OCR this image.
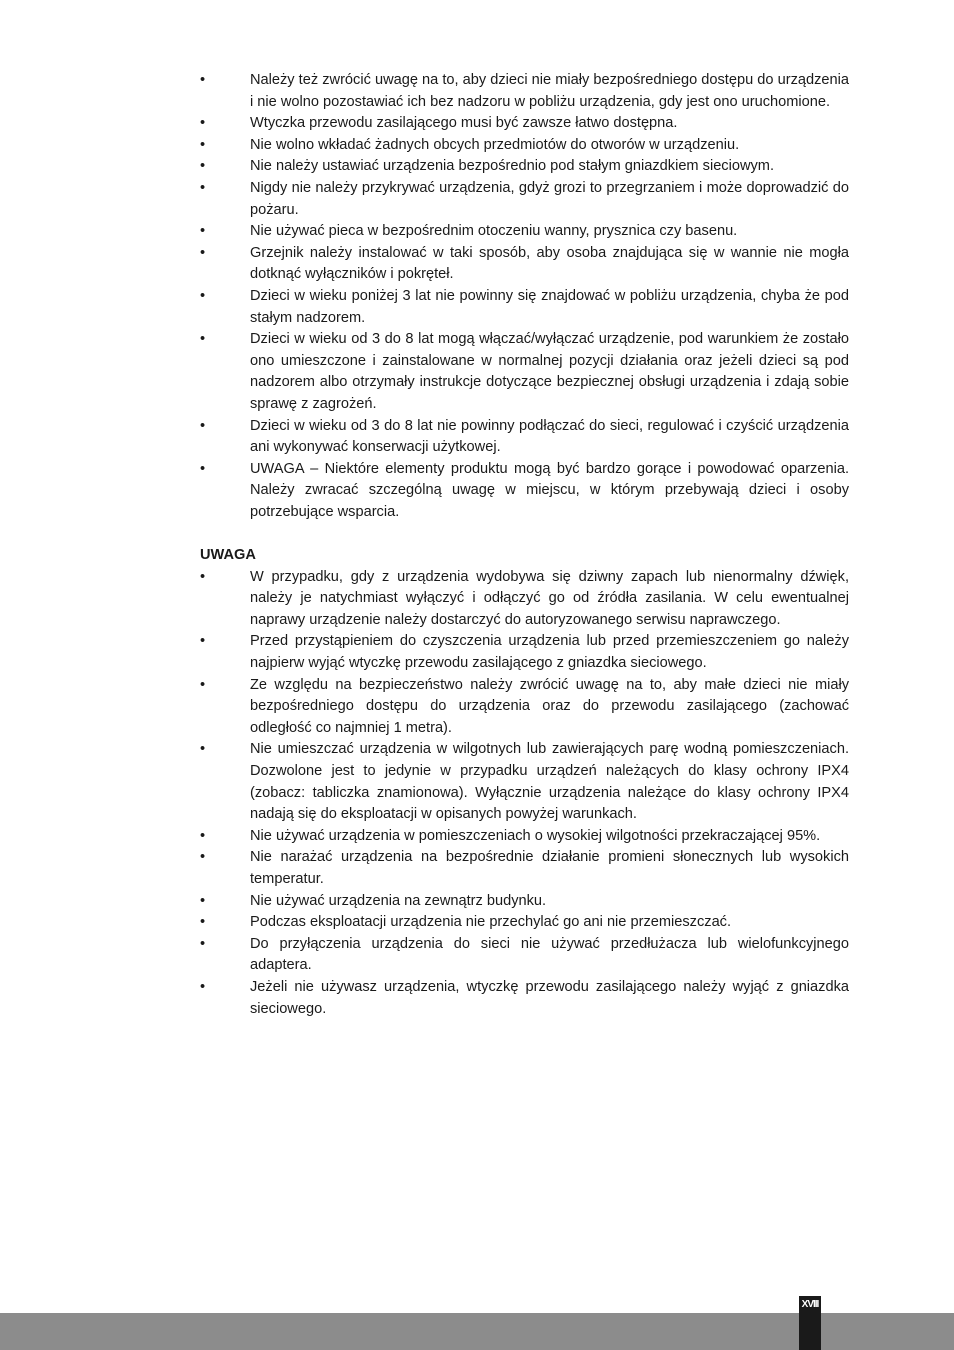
•	Należy też zwrócić uwagę na to, aby dzieci nie miały bezpośredniego dostępu do urządzenia i nie wolno pozostawiać ich bez nadzoru w pobliżu urządzenia, gdy jest ono uruchomione.
•	Wtyczka przewodu zasilającego musi być zawsze łatwo dostępna.
•	Nie wolno wkładać żadnych obcych przedmiotów do otworów w urządzeniu.
•	Nie należy ustawiać urządzenia bezpośrednio pod stałym gniazdkiem sieciowym.
•	Nigdy nie należy przykrywać urządzenia, gdyż grozi to przegrzaniem i może doprowadzić do pożaru.
•	Nie używać pieca w bezpośrednim otoczeniu wanny, prysznica czy basenu.
•	Grzejnik należy instalować w taki sposób, aby osoba znajdująca się w wannie nie mogła dotknąć wyłączników i pokręteł.
•	Dzieci w wieku poniżej 3 lat nie powinny się znajdować w pobliżu urządzenia, chyba że pod stałym nadzorem.
•	Dzieci w wieku od 3 do 8 lat mogą włączać/wyłączać urządzenie, pod warunkiem że zostało ono umieszczone i zainstalowane w normalnej pozycji działania oraz jeżeli dzieci są pod nadzorem albo otrzymały instrukcje dotyczące bezpiecznej obsługi urządzenia i zdają sobie sprawę z zagrożeń.
•	Dzieci w wieku od 3 do 8 lat nie powinny podłączać do sieci, regulować i czyścić urządzenia ani wykonywać konserwacji użytkowej.
•	UWAGA – Niektóre elementy produktu mogą być bardzo gorące i powodować oparzenia. Należy zwracać szczególną uwagę w miejscu, w którym przebywają dzieci i osoby potrzebujące wsparcia.
UWAGA
•	W przypadku, gdy z urządzenia wydobywa się dziwny zapach lub nienormalny dźwięk, należy je natychmiast wyłączyć i odłączyć go od źródła zasilania. W celu ewentualnej naprawy urządzenie należy dostarczyć do autoryzowanego serwisu naprawczego.
•	Przed przystąpieniem do czyszczenia urządzenia lub przed przemieszczeniem go należy najpierw wyjąć wtyczkę przewodu zasilającego z gniazdka sieciowego.
•	Ze względu na bezpieczeństwo należy zwrócić uwagę na to, aby małe dzieci nie miały bezpośredniego dostępu do urządzenia oraz do przewodu zasilającego (zachować odległość co najmniej 1 metra).
•	Nie umieszczać urządzenia w wilgotnych lub zawierających parę wodną pomieszczeniach. Dozwolone jest to jedynie w przypadku urządzeń należących do klasy ochrony IPX4 (zobacz: tabliczka znamionowa). Wyłącznie urządzenia należące do klasy ochrony IPX4 nadają się do eksploatacji w opisanych powyżej warunkach.
•	Nie używać urządzenia w pomieszczeniach o wysokiej wilgotności przekraczającej 95%.
•	Nie narażać urządzenia na bezpośrednie działanie promieni słonecznych lub wysokich temperatur.
•	Nie używać urządzenia na zewnątrz budynku.
•	Podczas eksploatacji urządzenia nie przechylać go ani nie przemieszczać.
•	Do przyłączenia urządzenia do sieci nie używać przedłużacza lub wielofunkcyjnego adaptera.
•	Jeżeli nie używasz urządzenia, wtyczkę przewodu zasilającego należy wyjąć z gniazdka sieciowego.
XVIII
